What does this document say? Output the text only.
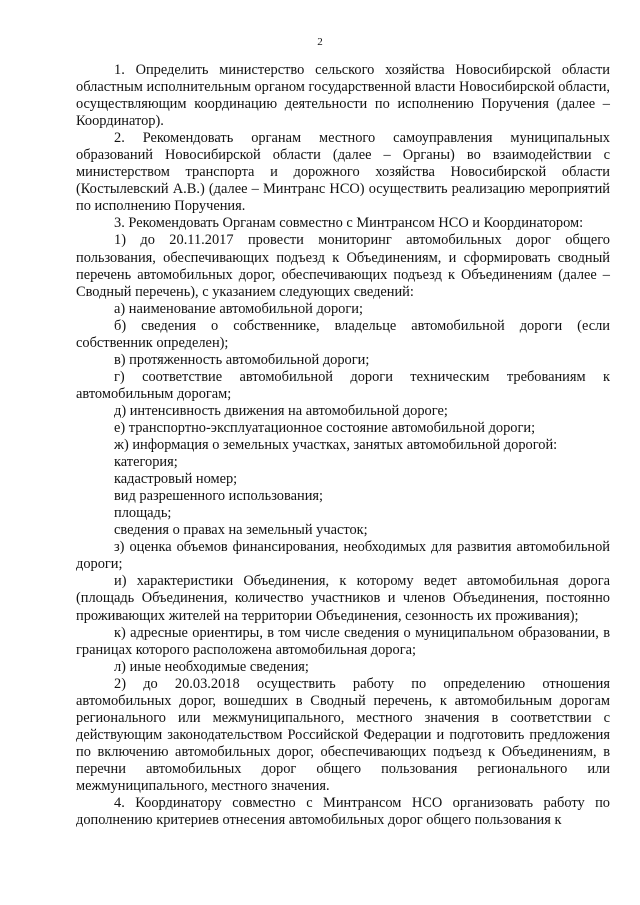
2

1. Определить министерство сельского хозяйства Новосибирской области областным исполнительным органом государственной власти Новосибирской области, осуществляющим координацию деятельности по исполнению Поручения (далее – Координатор).

2. Рекомендовать органам местного самоуправления муниципальных образований Новосибирской области (далее – Органы) во взаимодействии с министерством транспорта и дорожного хозяйства Новосибирской области (Костылевский А.В.) (далее – Минтранс НСО) осуществить реализацию мероприятий по исполнению Поручения.

3. Рекомендовать Органам совместно с Минтрансом НСО и Координатором:

1) до 20.11.2017 провести мониторинг автомобильных дорог общего пользования, обеспечивающих подъезд к Объединениям, и сформировать сводный перечень автомобильных дорог, обеспечивающих подъезд к Объединениям (далее – Сводный перечень), с указанием следующих сведений:

а) наименование автомобильной дороги;

б) сведения о собственнике, владельце автомобильной дороги (если собственник определен);

в) протяженность автомобильной дороги;

г) соответствие автомобильной дороги техническим требованиям к автомобильным дорогам;

д) интенсивность движения на автомобильной дороге;

е) транспортно-эксплуатационное состояние автомобильной дороги;

ж) информация о земельных участках, занятых автомобильной дорогой:

категория;

кадастровый номер;

вид разрешенного использования;

площадь;

сведения о правах на земельный участок;

з) оценка объемов финансирования, необходимых для развития автомобильной дороги;

и) характеристики Объединения, к которому ведет автомобильная дорога (площадь Объединения, количество участников и членов Объединения, постоянно проживающих жителей на территории Объединения, сезонность их проживания);

к) адресные ориентиры, в том числе сведения о муниципальном образовании, в границах которого расположена автомобильная дорога;

л) иные необходимые сведения;

2) до 20.03.2018 осуществить работу по определению отношения автомобильных дорог, вошедших в Сводный перечень, к автомобильным дорогам регионального или межмуниципального, местного значения в соответствии с действующим законодательством Российской Федерации и подготовить предложения по включению автомобильных дорог, обеспечивающих подъезд к Объединениям, в перечни автомобильных дорог общего пользования регионального или межмуниципального, местного значения.

4. Координатору совместно с Минтрансом НСО организовать работу по дополнению критериев отнесения автомобильных дорог общего пользования к
